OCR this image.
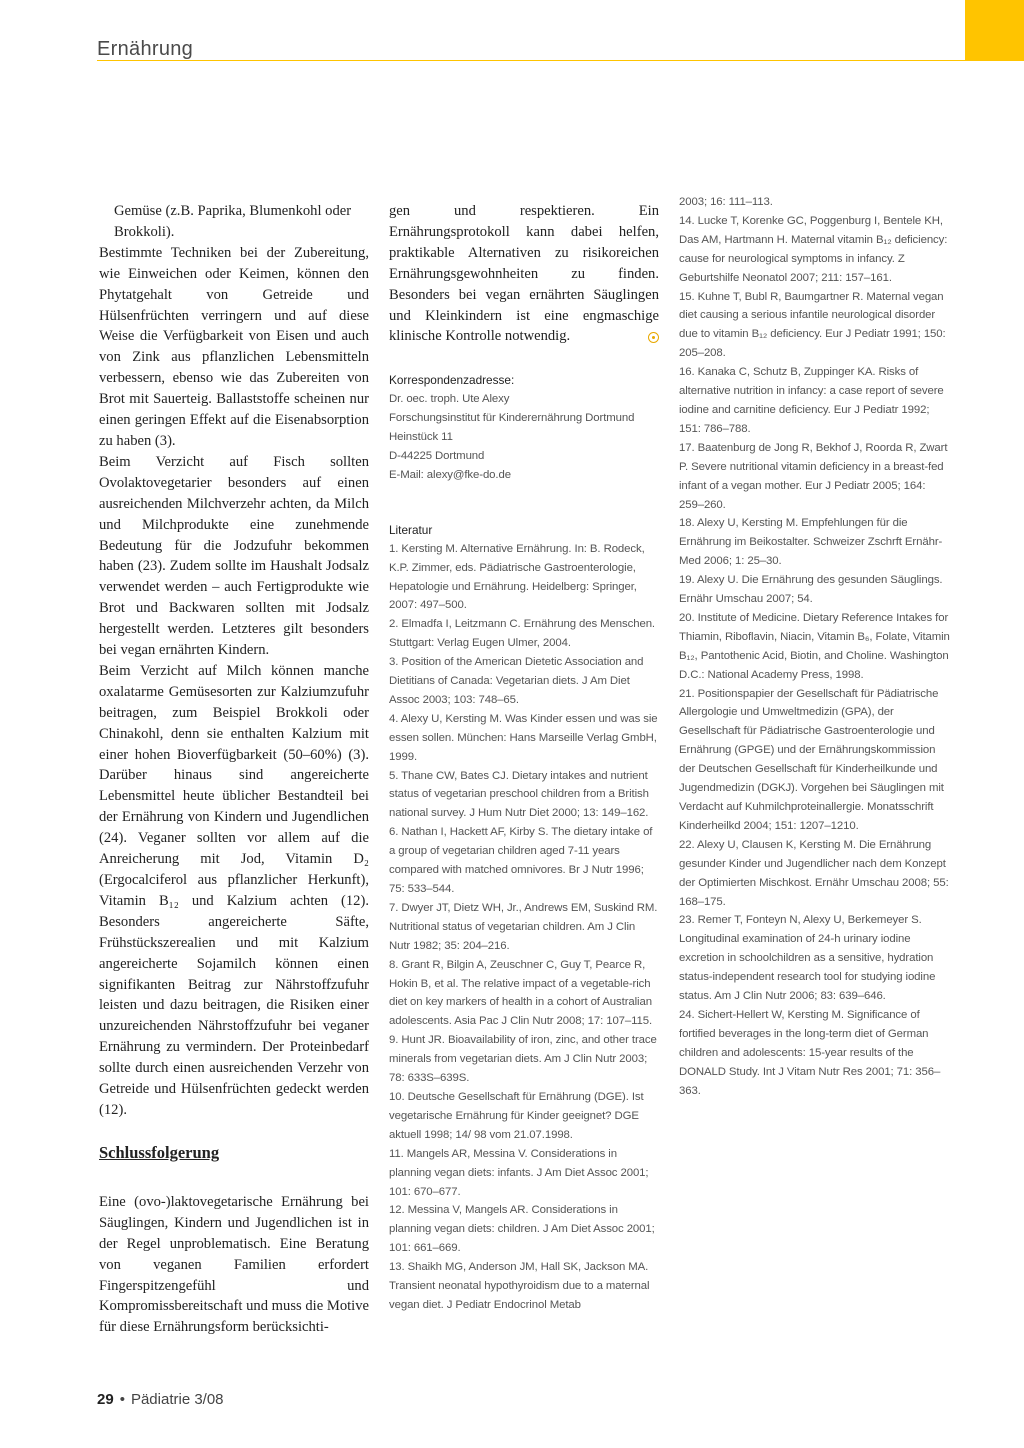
Ernährung

Gemüse (z.B. Paprika, Blumenkohl oder Brokkoli).

Bestimmte Techniken bei der Zubereitung, wie Einweichen oder Keimen, können den Phytatgehalt von Getreide und Hülsenfrüchten verringern und auf diese Weise die Verfügbarkeit von Eisen und auch von Zink aus pflanzlichen Lebensmitteln verbessern, ebenso wie das Zubereiten von Brot mit Sauerteig. Ballaststoffe scheinen nur einen geringen Effekt auf die Eisenabsorption zu haben (3).

Beim Verzicht auf Fisch sollten Ovolaktovegetarier besonders auf einen ausreichenden Milchverzehr achten, da Milch und Milchprodukte eine zunehmende Bedeutung für die Jodzufuhr bekommen haben (23). Zudem sollte im Haushalt Jodsalz verwendet werden – auch Fertigprodukte wie Brot und Backwaren sollten mit Jodsalz hergestellt werden. Letzteres gilt besonders bei vegan ernährten Kindern.

Beim Verzicht auf Milch können manche oxalatarme Gemüsesorten zur Kalziumzufuhr beitragen, zum Beispiel Brokkoli oder Chinakohl, denn sie enthalten Kalzium mit einer hohen Bioverfügbarkeit (50–60%) (3). Darüber hinaus sind angereicherte Lebensmittel heute üblicher Bestandteil bei der Ernährung von Kindern und Jugendlichen (24). Veganer sollten vor allem auf die Anreicherung mit Jod, Vitamin D₂ (Ergocalciferol aus pflanzlicher Herkunft), Vitamin B₁₂ und Kalzium achten (12). Besonders angereicherte Säfte, Frühstückszerealien und mit Kalzium angereicherte Sojamilch können einen signifikanten Beitrag zur Nährstoffzufuhr leisten und dazu beitragen, die Risiken einer unzureichenden Nährstoffzufuhr bei veganer Ernährung zu vermindern. Der Proteinbedarf sollte durch einen ausreichenden Verzehr von Getreide und Hülsenfrüchten gedeckt werden (12).

Schlussfolgerung

Eine (ovo-)laktovegetarische Ernährung bei Säuglingen, Kindern und Jugendlichen ist in der Regel unproblematisch. Eine Beratung von veganen Familien erfordert Fingerspitzengefühl und Kompromissbereitschaft und muss die Motive für diese Ernährungsform berücksichti-

gen und respektieren. Ein Ernährungsprotokoll kann dabei helfen, praktikable Alternativen zu risikoreichen Ernährungsgewohnheiten zu finden. Besonders bei vegan ernährten Säuglingen und Kleinkindern ist eine engmaschige klinische Kontrolle notwendig.

Korrespondenzadresse:
Dr. oec. troph. Ute Alexy
Forschungsinstitut für Kinderernährung Dortmund
Heinstück 11
D-44225 Dortmund
E-Mail: alexy@fke-do.de
Literatur

1. Kersting M. Alternative Ernährung. In: B. Rodeck, K.P. Zimmer, eds. Pädiatrische Gastroenterologie, Hepatologie und Ernährung. Heidelberg: Springer, 2007: 497–500.

2. Elmadfa I, Leitzmann C. Ernährung des Menschen. Stuttgart: Verlag Eugen Ulmer, 2004.

3. Position of the American Dietetic Association and Dietitians of Canada: Vegetarian diets. J Am Diet Assoc 2003; 103: 748–65.

4. Alexy U, Kersting M. Was Kinder essen und was sie essen sollen. München: Hans Marseille Verlag GmbH, 1999.

5. Thane CW, Bates CJ. Dietary intakes and nutrient status of vegetarian preschool children from a British national survey. J Hum Nutr Diet 2000; 13: 149–162.

6. Nathan I, Hackett AF, Kirby S. The dietary intake of a group of vegetarian children aged 7-11 years compared with matched omnivores. Br J Nutr 1996; 75: 533–544.

7. Dwyer JT, Dietz WH, Jr., Andrews EM, Suskind RM. Nutritional status of vegetarian children. Am J Clin Nutr 1982; 35: 204–216.

8. Grant R, Bilgin A, Zeuschner C, Guy T, Pearce R, Hokin B, et al. The relative impact of a vegetable-rich diet on key markers of health in a cohort of Australian adolescents. Asia Pac J Clin Nutr 2008; 17: 107–115.

9. Hunt JR. Bioavailability of iron, zinc, and other trace minerals from vegetarian diets. Am J Clin Nutr 2003; 78: 633S–639S.

10. Deutsche Gesellschaft für Ernährung (DGE). Ist vegetarische Ernährung für Kinder geeignet? DGE aktuell 1998; 14/ 98 vom 21.07.1998.

11. Mangels AR, Messina V. Considerations in planning vegan diets: infants. J Am Diet Assoc 2001; 101: 670–677.

12. Messina V, Mangels AR. Considerations in planning vegan diets: children. J Am Diet Assoc 2001; 101: 661–669.

13. Shaikh MG, Anderson JM, Hall SK, Jackson MA. Transient neonatal hypothyroidism due to a maternal vegan diet. J Pediatr Endocrinol Metab

2003; 16: 111–113.

14. Lucke T, Korenke GC, Poggenburg I, Bentele KH, Das AM, Hartmann H. Maternal vitamin B₁₂ deficiency: cause for neurological symptoms in infancy. Z Geburtshilfe Neonatol 2007; 211: 157–161.

15. Kuhne T, Bubl R, Baumgartner R. Maternal vegan diet causing a serious infantile neurological disorder due to vitamin B₁₂ deficiency. Eur J Pediatr 1991; 150: 205–208.

16. Kanaka C, Schutz B, Zuppinger KA. Risks of alternative nutrition in infancy: a case report of severe iodine and carnitine deficiency. Eur J Pediatr 1992; 151: 786–788.

17. Baatenburg de Jong R, Bekhof J, Roorda R, Zwart P. Severe nutritional vitamin deficiency in a breast-fed infant of a vegan mother. Eur J Pediatr 2005; 164: 259–260.

18. Alexy U, Kersting M. Empfehlungen für die Ernährung im Beikostalter. Schweizer Zschrft Ernähr-Med 2006; 1: 25–30.

19. Alexy U. Die Ernährung des gesunden Säuglings. Ernähr Umschau 2007; 54.

20. Institute of Medicine. Dietary Reference Intakes for Thiamin, Riboflavin, Niacin, Vitamin B₆, Folate, Vitamin B₁₂, Pantothenic Acid, Biotin, and Choline. Washington D.C.: National Academy Press, 1998.

21. Positionspapier der Gesellschaft für Pädiatrische Allergologie und Umweltmedizin (GPA), der Gesellschaft für Pädiatrische Gastroenterologie und Ernährung (GPGE) und der Ernährungskommission der Deutschen Gesellschaft für Kinderheilkunde und Jugendmedizin (DGKJ). Vorgehen bei Säuglingen mit Verdacht auf Kuhmilchproteinallergie. Monatsschrift Kinderheilkd 2004; 151: 1207–1210.

22. Alexy U, Clausen K, Kersting M. Die Ernährung gesunder Kinder und Jugendlicher nach dem Konzept der Optimierten Mischkost. Ernähr Umschau 2008; 55: 168–175.

23. Remer T, Fonteyn N, Alexy U, Berkemeyer S. Longitudinal examination of 24-h urinary iodine excretion in schoolchildren as a sensitive, hydration status-independent research tool for studying iodine status. Am J Clin Nutr 2006; 83: 639–646.

24. Sichert-Hellert W, Kersting M. Significance of fortified beverages in the long-term diet of German children and adolescents: 15-year results of the DONALD Study. Int J Vitam Nutr Res 2001; 71: 356–363.

29 • Pädiatrie 3/08
